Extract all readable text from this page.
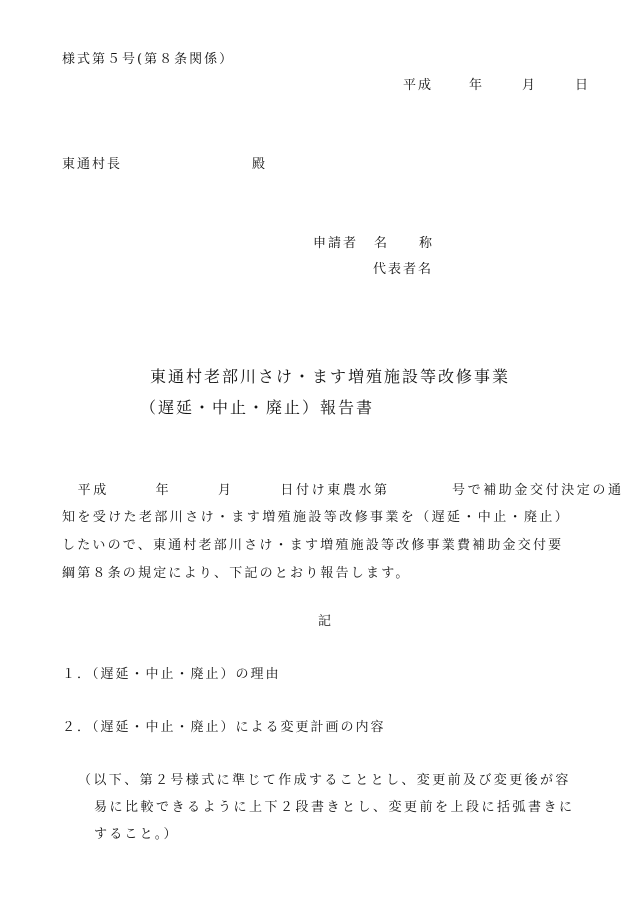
様式第５号(第８条関係）
平成	年	月	日
東通村長	殿
申請者 名　　称
代表者名
東通村老部川さけ・ます増殖施設等改修事業
（遅延・中止・廃止）報告書
　平成　　　年　　　月　　　日付け東農水第　　　　号で補助金交付決定の通
知を受けた老部川さけ・ます増殖施設等改修事業を（遅延・中止・廃止）
したいので、東通村老部川さけ・ます増殖施設等改修事業費補助金交付要
綱第８条の規定により、下記のとおり報告します。
記
１．（遅延・中止・廃止）の理由
２．（遅延・中止・廃止）による変更計画の内容
（以下、第２号様式に準じて作成することとし、変更前及び変更後が容
易に比較できるように上下２段書きとし、変更前を上段に括弧書きに
すること。）
